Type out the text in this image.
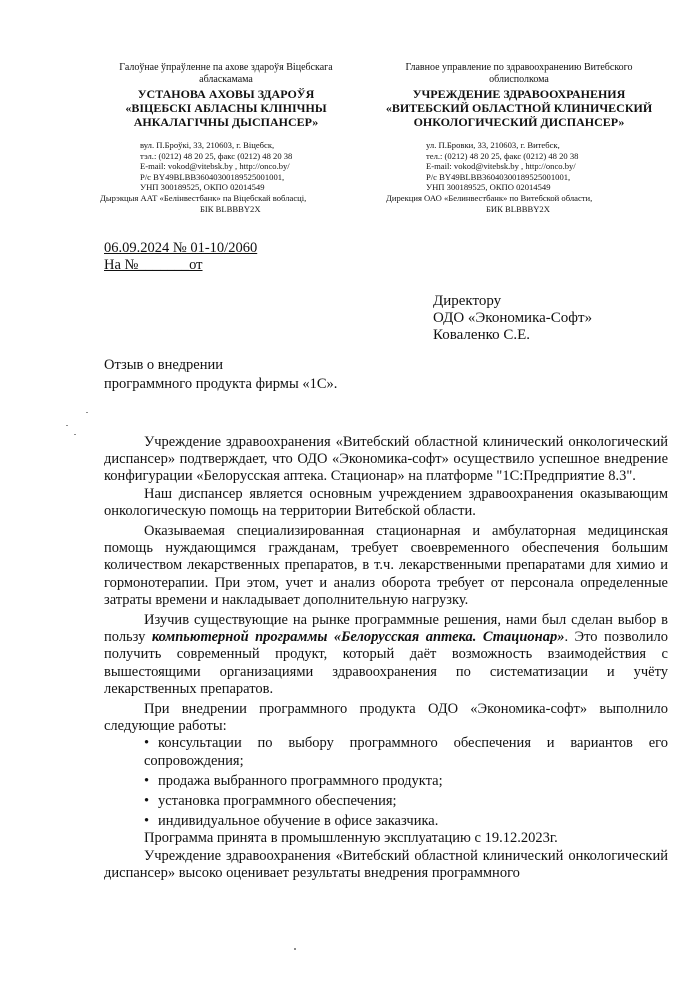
Галоўнае ўпраўленне па ахове здароўя Віцебскага абласкамама
УСТАНОВА АХОВЫ ЗДАРОЎЯ
«ВІЦЕБСКІ АБЛАСНЫ КЛІНІЧНЫ
АНКАЛАГІЧНЫ ДЫСПАНСЕР»
вул. П.Броўкі, 33, 210603, г. Віцебск,
тэл.: (0212) 48 20 25, факс (0212) 48 20 38
E-mail: vokod@vitebsk.by , http://onco.by/
Р/с BY49BLBB36040300189525001001,
УНП 300189525, ОКПО 02014549
Дырэкцыя ААТ «Белінвестбанк» па Віцебскай вобласці,
БІК BLBBBY2X
Главное управление по здравоохранению Витебского облисполкома
УЧРЕЖДЕНИЕ ЗДРАВООХРАНЕНИЯ
«ВИТЕБСКИЙ ОБЛАСТНОЙ КЛИНИЧЕСКИЙ
ОНКОЛОГИЧЕСКИЙ ДИСПАНСЕР»
ул. П.Бровки, 33, 210603, г. Витебск,
тел.: (0212) 48 20 25, факс (0212) 48 20 38
E-mail: vokod@vitebsk.by , http://onco.by/
Р/с BY49BLBB36040300189525001001,
УНП 300189525, ОКПО 02014549
Дирекция ОАО «Белинвестбанк» по Витебской области,
БИК BLBBBY2X
06.09.2024 № 01-10/2060
На №_______от
Директору
ОДО «Экономика-Софт»
Коваленко С.Е.
Отзыв о внедрении
программного продукта фирмы «1С».

Учреждение здравоохранения «Витебский областной клинический онкологический диспансер» подтверждает, что ОДО «Экономика-софт» осуществило успешное внедрение конфигурации «Белорусская аптека. Стационар» на платформе "1С:Предприятие 8.3".

Наш диспансер является основным учреждением здравоохранения оказывающим онкологическую помощь на территории Витебской области.

Оказываемая специализированная стационарная и амбулаторная медицинская помощь нуждающимся гражданам, требует своевременного обеспечения большим количеством лекарственных препаратов, в т.ч. лекарственными препаратами для химио и гормонотерапии. При этом, учет и анализ оборота требует от персонала определенные затраты времени и накладывает дополнительную нагрузку.

Изучив существующие на рынке программные решения, нами был сделан выбор в пользу компьютерной программы «Белорусская аптека. Стационар». Это позволило получить современный продукт, который даёт возможность взаимодействия с вышестоящими организациями здравоохранения по систематизации и учёту лекарственных препаратов.

При внедрении программного продукта ОДО «Экономика-софт» выполнило следующие работы:

• консультации по выбору программного обеспечения и вариантов его сопровождения;
• продажа выбранного программного продукта;
• установка программного обеспечения;
• индивидуальное обучение в офисе заказчика.

Программа принята в промышленную эксплуатацию с 19.12.2023г.

Учреждение здравоохранения «Витебский областной клинический онкологический диспансер» высоко оценивает результаты внедрения программного
